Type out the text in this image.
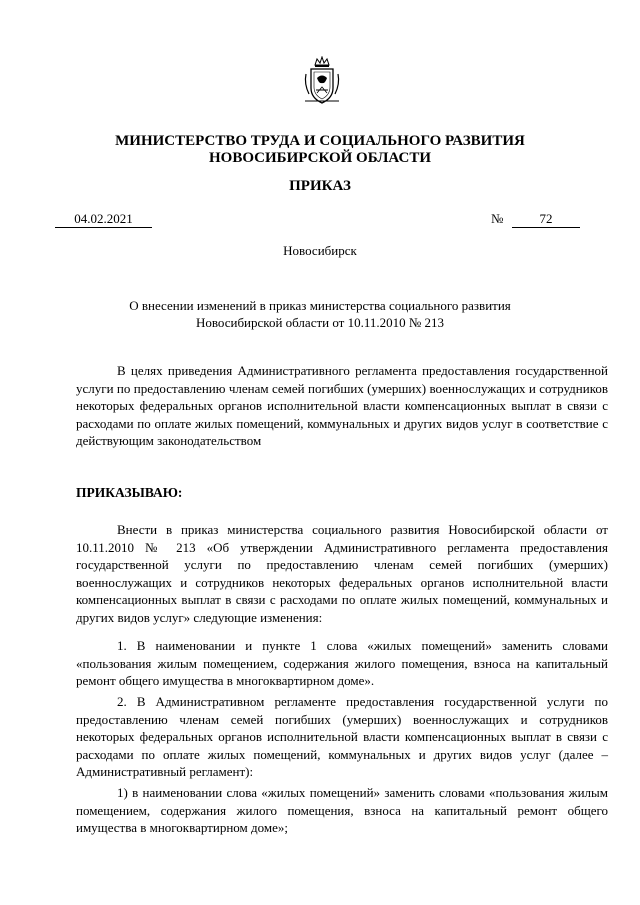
МИНИСТЕРСТВО ТРУДА И СОЦИАЛЬНОГО РАЗВИТИЯ
НОВОСИБИРСКОЙ ОБЛАСТИ
ПРИКАЗ
04.02.2021	№	72
Новосибирск
О внесении изменений в приказ министерства социального развития
Новосибирской области от 10.11.2010 № 213
В целях приведения Административного регламента предоставления государственной услуги по предоставлению членам семей погибших (умерших) военнослужащих и сотрудников некоторых федеральных органов исполнительной власти компенсационных выплат в связи с расходами по оплате жилых помещений, коммунальных и других видов услуг в соответствие с действующим законодательством
ПРИКАЗЫВАЮ:
Внести в приказ министерства социального развития Новосибирской области от 10.11.2010 № 213 «Об утверждении Административного регламента предоставления государственной услуги по предоставлению членам семей погибших (умерших) военнослужащих и сотрудников некоторых федеральных органов исполнительной власти компенсационных выплат в связи с расходами по оплате жилых помещений, коммунальных и других видов услуг» следующие изменения:
1. В наименовании и пункте 1 слова «жилых помещений» заменить словами «пользования жилым помещением, содержания жилого помещения, взноса на капитальный ремонт общего имущества в многоквартирном доме».
2. В Административном регламенте предоставления государственной услуги по предоставлению членам семей погибших (умерших) военнослужащих и сотрудников некоторых федеральных органов исполнительной власти компенсационных выплат в связи с расходами по оплате жилых помещений, коммунальных и других видов услуг (далее – Административный регламент):
1) в наименовании слова «жилых помещений» заменить словами «пользования жилым помещением, содержания жилого помещения, взноса на капитальный ремонт общего имущества в многоквартирном доме»;
